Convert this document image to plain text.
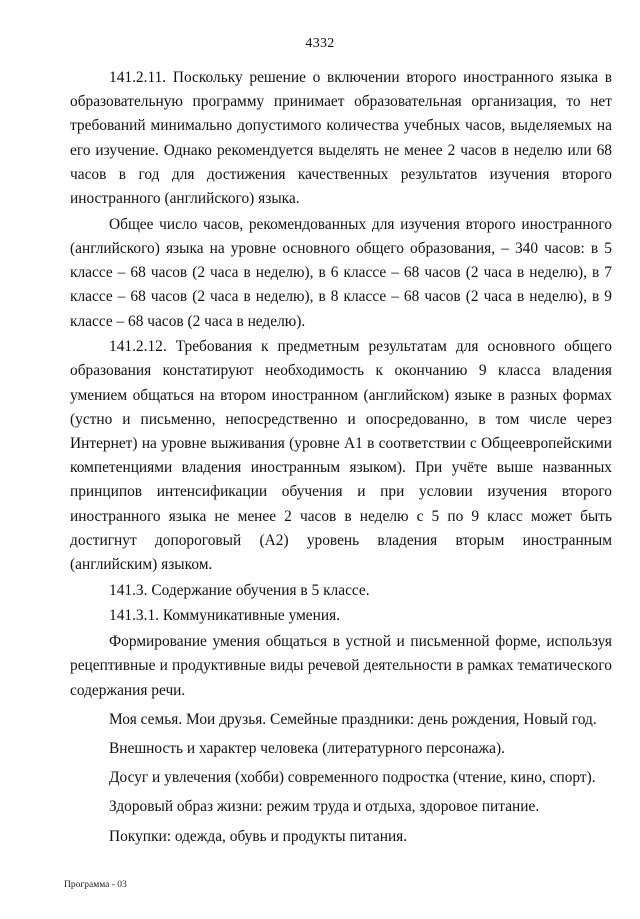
4332

141.2.11. Поскольку решение о включении второго иностранного языка в образовательную программу принимает образовательная организация, то нет требований минимально допустимого количества учебных часов, выделяемых на его изучение. Однако рекомендуется выделять не менее 2 часов в неделю или 68 часов в год для достижения качественных результатов изучения второго иностранного (английского) языка.

Общее число часов, рекомендованных для изучения второго иностранного (английского) языка на уровне основного общего образования, – 340 часов: в 5 классе – 68 часов (2 часа в неделю), в 6 классе – 68 часов (2 часа в неделю), в 7 классе – 68 часов (2 часа в неделю), в 8 классе – 68 часов (2 часа в неделю), в 9 классе – 68 часов (2 часа в неделю).

141.2.12. Требования к предметным результатам для основного общего образования констатируют необходимость к окончанию 9 класса владения умением общаться на втором иностранном (английском) языке в разных формах (устно и письменно, непосредственно и опосредованно, в том числе через Интернет) на уровне выживания (уровне А1 в соответствии с Общеевропейскими компетенциями владения иностранным языком). При учёте выше названных принципов интенсификации обучения и при условии изучения второго иностранного языка не менее 2 часов в неделю с 5 по 9 класс может быть достигнут допороговый (А2) уровень владения вторым иностранным (английским) языком.

141.3. Содержание обучения в 5 классе.

141.3.1. Коммуникативные умения.

Формирование умения общаться в устной и письменной форме, используя рецептивные и продуктивные виды речевой деятельности в рамках тематического содержания речи.

Моя семья. Мои друзья. Семейные праздники: день рождения, Новый год.

Внешность и характер человека (литературного персонажа).

Досуг и увлечения (хобби) современного подростка (чтение, кино, спорт).

Здоровый образ жизни: режим труда и отдыха, здоровое питание.

Покупки: одежда, обувь и продукты питания.

Программа - 03
